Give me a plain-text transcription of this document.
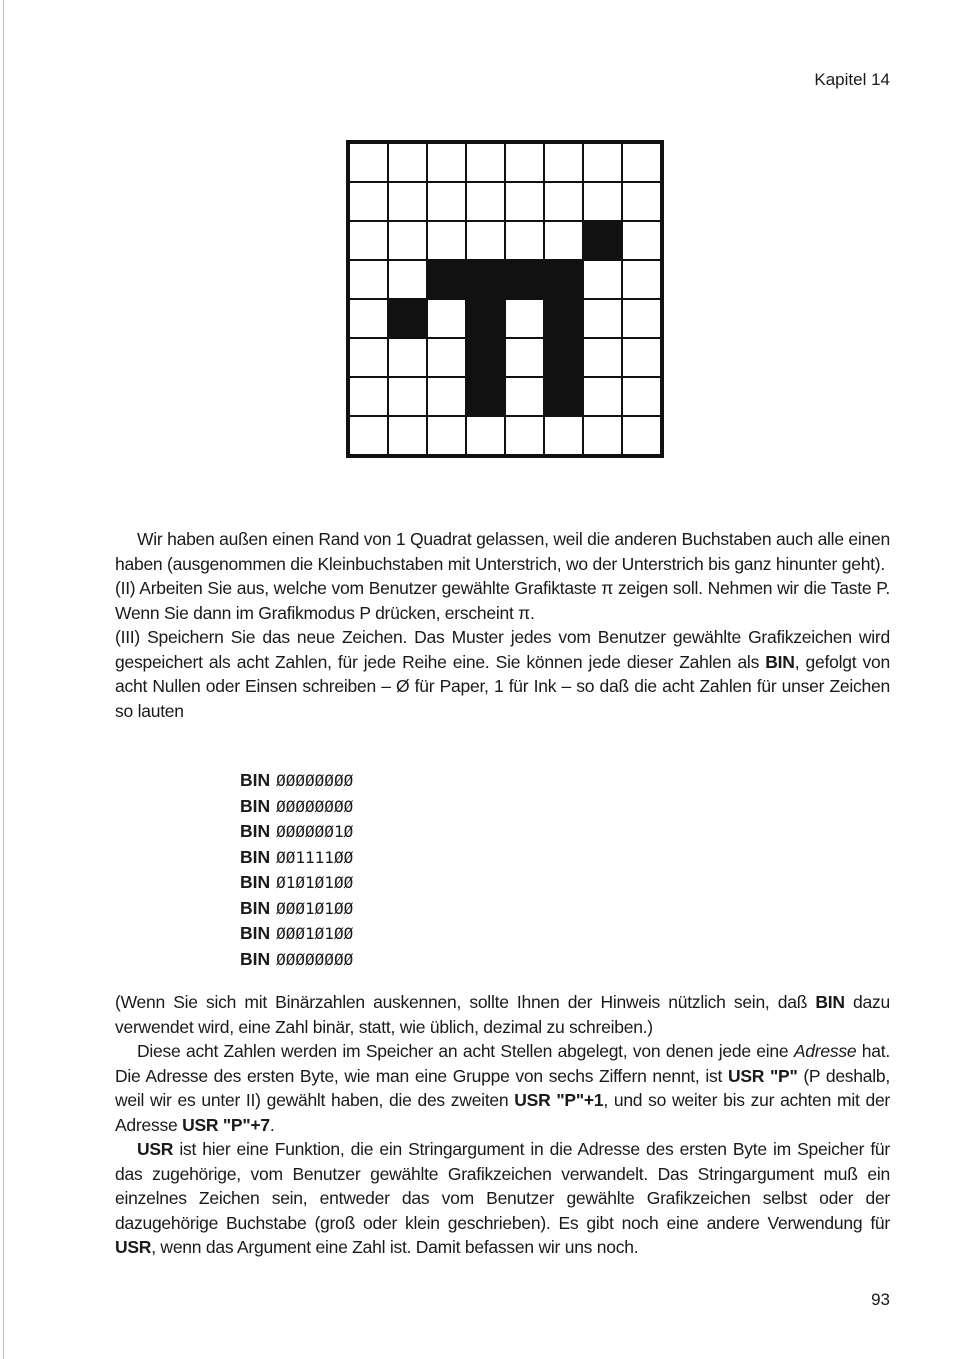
Kapitel 14

Wir haben außen einen Rand von 1 Quadrat gelassen, weil die anderen Buchstaben auch alle einen haben (ausgenommen die Kleinbuchstaben mit Unterstrich, wo der Unterstrich bis ganz hinunter geht).

(II) Arbeiten Sie aus, welche vom Benutzer gewählte Grafiktaste π zeigen soll. Nehmen wir die Taste P. Wenn Sie dann im Grafikmodus P drücken, erscheint π.

(III) Speichern Sie das neue Zeichen. Das Muster jedes vom Benutzer gewählte Grafikzeichen wird gespeichert als acht Zahlen, für jede Reihe eine. Sie können jede dieser Zahlen als BIN, gefolgt von acht Nullen oder Einsen schreiben – Ø für Paper, 1 für Ink – so daß die acht Zahlen für unser Zeichen so lauten

BIN ØØØØØØØØ
BIN ØØØØØØØØ
BIN ØØØØØØ1Ø
BIN ØØ1111ØØ
BIN Ø1Ø1Ø1ØØ
BIN ØØØ1Ø1ØØ
BIN ØØØ1Ø1ØØ
BIN ØØØØØØØØ

(Wenn Sie sich mit Binärzahlen auskennen, sollte Ihnen der Hinweis nützlich sein, daß BIN dazu verwendet wird, eine Zahl binär, statt, wie üblich, dezimal zu schreiben.)

Diese acht Zahlen werden im Speicher an acht Stellen abgelegt, von denen jede eine Adresse hat. Die Adresse des ersten Byte, wie man eine Gruppe von sechs Ziffern nennt, ist USR "P" (P deshalb, weil wir es unter II) gewählt haben, die des zweiten USR "P"+1, und so weiter bis zur achten mit der Adresse USR "P"+7.

USR ist hier eine Funktion, die ein Stringargument in die Adresse des ersten Byte im Speicher für das zugehörige, vom Benutzer gewählte Grafikzeichen verwandelt. Das Stringargument muß ein einzelnes Zeichen sein, entweder das vom Benutzer gewählte Grafikzeichen selbst oder der dazugehörige Buchstabe (groß oder klein geschrieben). Es gibt noch eine andere Verwendung für USR, wenn das Argument eine Zahl ist. Damit befassen wir uns noch.

93
